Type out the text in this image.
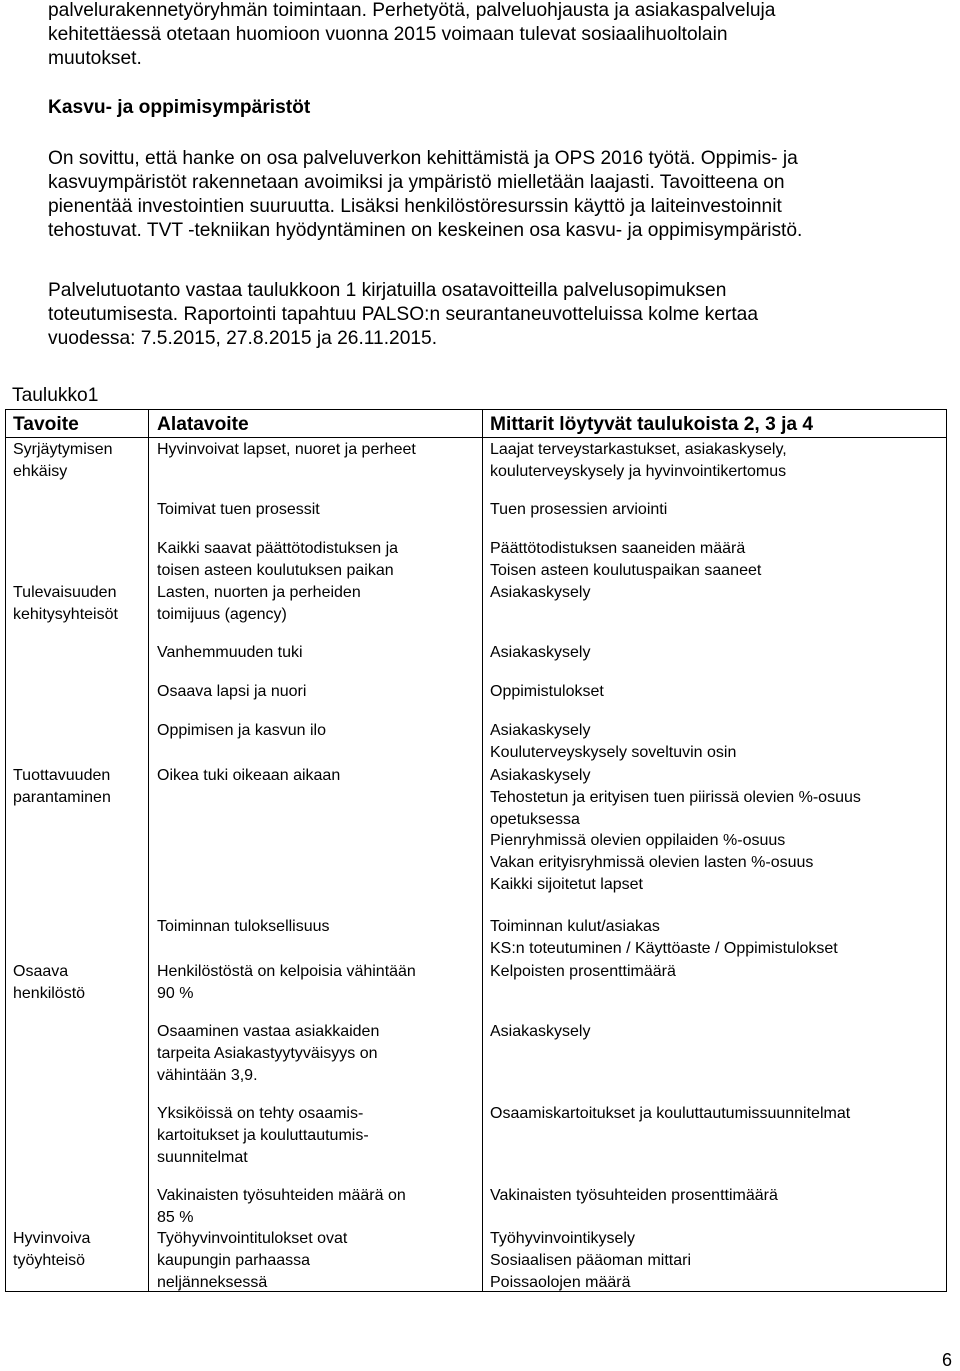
palvelurakennetyöryhmän toimintaan. Perhetyötä, palveluohjausta ja asiakaspalveluja
kehitettäessä otetaan huomioon vuonna 2015 voimaan tulevat sosiaalihuoltolain
muutokset.
Kasvu- ja oppimisympäristöt
On sovittu, että hanke on osa palveluverkon kehittämistä ja OPS 2016 työtä. Oppimis- ja
kasvuympäristöt rakennetaan avoimiksi ja ympäristö mielletään laajasti. Tavoitteena on
pienentää investointien suuruutta. Lisäksi henkilöstöresurssin käyttö ja laiteinvestoinnit
tehostuvat. TVT -tekniikan hyödyntäminen on keskeinen osa kasvu- ja oppimisympäristö.
Palvelutuotanto vastaa taulukkoon 1 kirjatuilla osatavoitteilla palvelusopimuksen
toteutumisesta. Raportointi tapahtuu PALSO:n seurantaneuvotteluissa kolme kertaa
vuodessa: 7.5.2015, 27.8.2015 ja 26.11.2015.
Taulukko1
Tavoite	Alatavoite	Mittarit löytyvät taulukoista 2, 3 ja 4
Syrjäytymisen
ehkäisy
Tulevaisuuden
kehitysyhteisöt
Tuottavuuden
parantaminen
Osaava
henkilöstö
Hyvinvoiva
työyhteisö
Hyvinvoivat lapset, nuoret ja perheet
Toimivat tuen prosessit
Kaikki saavat päättötodistuksen ja
toisen asteen koulutuksen paikan
Lasten, nuorten ja perheiden
toimijuus (agency)
Vanhemmuuden tuki
Osaava lapsi ja nuori
Oppimisen ja kasvun ilo
Oikea tuki oikeaan aikaan
Toiminnan tuloksellisuus
Henkilöstöstä on kelpoisia vähintään
90 %
Osaaminen vastaa asiakkaiden
tarpeita Asiakastyytyväisyys on
vähintään 3,9.
Yksiköissä on tehty osaamis-
kartoitukset ja kouluttautumis-
suunnitelmat
Vakinaisten työsuhteiden määrä on
85 %
Työhyvinvointitulokset ovat
kaupungin parhaassa
neljänneksessä
Laajat terveystarkastukset, asiakaskysely,
kouluterveyskysely ja hyvinvointikertomus
Tuen prosessien arviointi
Päättötodistuksen saaneiden määrä
Toisen asteen koulutuspaikan saaneet
Asiakaskysely
Asiakaskysely
Oppimistulokset
Asiakaskysely
Kouluterveyskysely soveltuvin osin
Asiakaskysely
Tehostetun ja erityisen tuen piirissä olevien %-osuus
opetuksessa
Pienryhmissä olevien oppilaiden %-osuus
Vakan erityisryhmissä olevien lasten %-osuus
Kaikki sijoitetut lapset
Toiminnan kulut/asiakas
KS:n toteutuminen / Käyttöaste / Oppimistulokset
Kelpoisten prosenttimäärä
Asiakaskysely
Osaamiskartoitukset ja kouluttautumissuunnitelmat
Vakinaisten työsuhteiden prosenttimäärä
Työhyvinvointikysely
Sosiaalisen pääoman mittari
Poissaolojen määrä
6
